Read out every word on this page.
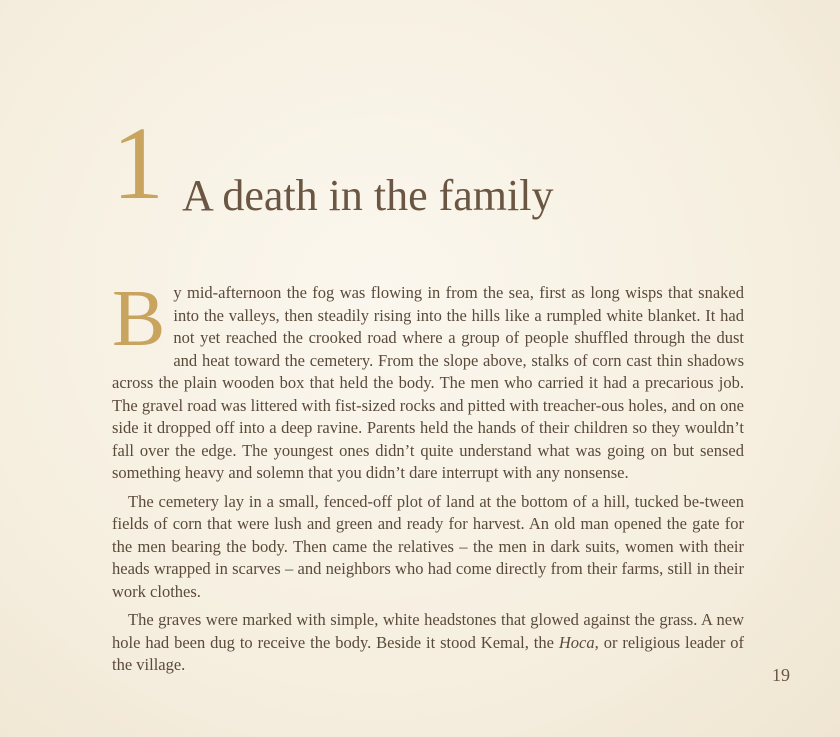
1 A death in the family

By mid-afternoon the fog was flowing in from the sea, first as long wisps that snaked into the valleys, then steadily rising into the hills like a rumpled white blanket. It had not yet reached the crooked road where a group of people shuffled through the dust and heat toward the cemetery. From the slope above, stalks of corn cast thin shadows across the plain wooden box that held the body. The men who carried it had a precarious job. The gravel road was littered with fist-sized rocks and pitted with treacher-ous holes, and on one side it dropped off into a deep ravine. Parents held the hands of their children so they wouldn’t fall over the edge. The youngest ones didn’t quite understand what was going on but sensed something heavy and solemn that you didn’t dare interrupt with any nonsense.

The cemetery lay in a small, fenced-off plot of land at the bottom of a hill, tucked be-tween fields of corn that were lush and green and ready for harvest. An old man opened the gate for the men bearing the body. Then came the relatives – the men in dark suits, women with their heads wrapped in scarves – and neighbors who had come directly from their farms, still in their work clothes.

The graves were marked with simple, white headstones that glowed against the grass. A new hole had been dug to receive the body. Beside it stood Kemal, the Hoca, or religious leader of the village.

19
